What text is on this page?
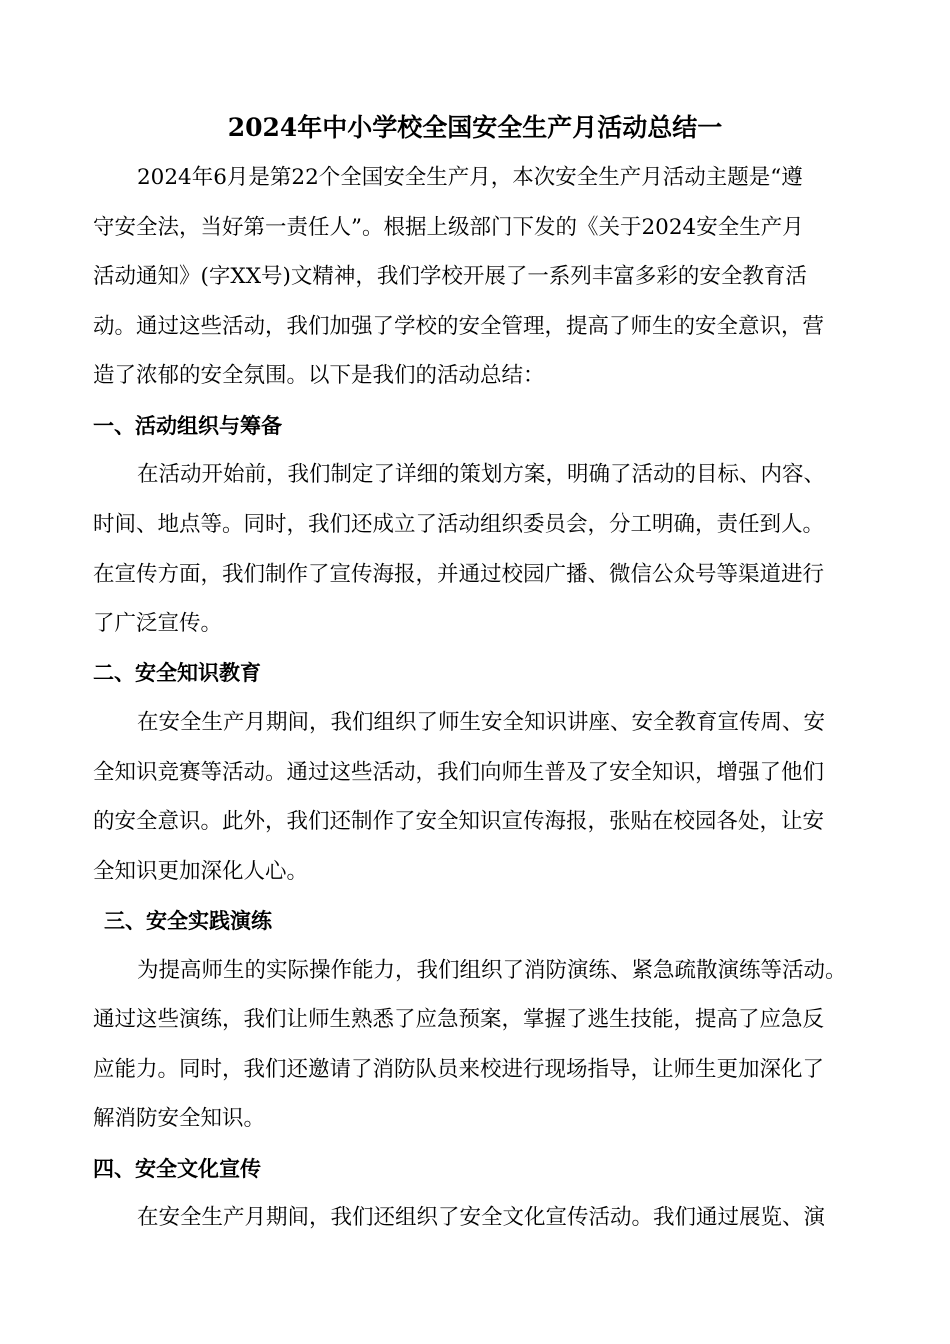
2024年中小学校全国安全生产月活动总结一
2024年6月是第22个全国安全生产月，本次安全生产月活动主题是“遵
守安全法，当好第一责任人”。根据上级部门下发的《关于2024安全生产月
活动通知》(字XX号)文精神，我们学校开展了一系列丰富多彩的安全教育活
动。通过这些活动，我们加强了学校的安全管理，提高了师生的安全意识，营
造了浓郁的安全氛围。以下是我们的活动总结：
一、活动组织与筹备
在活动开始前，我们制定了详细的策划方案，明确了活动的目标、内容、
时间、地点等。同时，我们还成立了活动组织委员会，分工明确，责任到人。
在宣传方面，我们制作了宣传海报，并通过校园广播、微信公众号等渠道进行
了广泛宣传。
二、安全知识教育
在安全生产月期间，我们组织了师生安全知识讲座、安全教育宣传周、安
全知识竞赛等活动。通过这些活动，我们向师生普及了安全知识，增强了他们
的安全意识。此外，我们还制作了安全知识宣传海报，张贴在校园各处，让安
全知识更加深化人心。
三、安全实践演练
为提高师生的实际操作能力，我们组织了消防演练、紧急疏散演练等活动。
通过这些演练，我们让师生熟悉了应急预案，掌握了逃生技能，提高了应急反
应能力。同时，我们还邀请了消防队员来校进行现场指导，让师生更加深化了
解消防安全知识。
四、安全文化宣传
在安全生产月期间，我们还组织了安全文化宣传活动。我们通过展览、演
